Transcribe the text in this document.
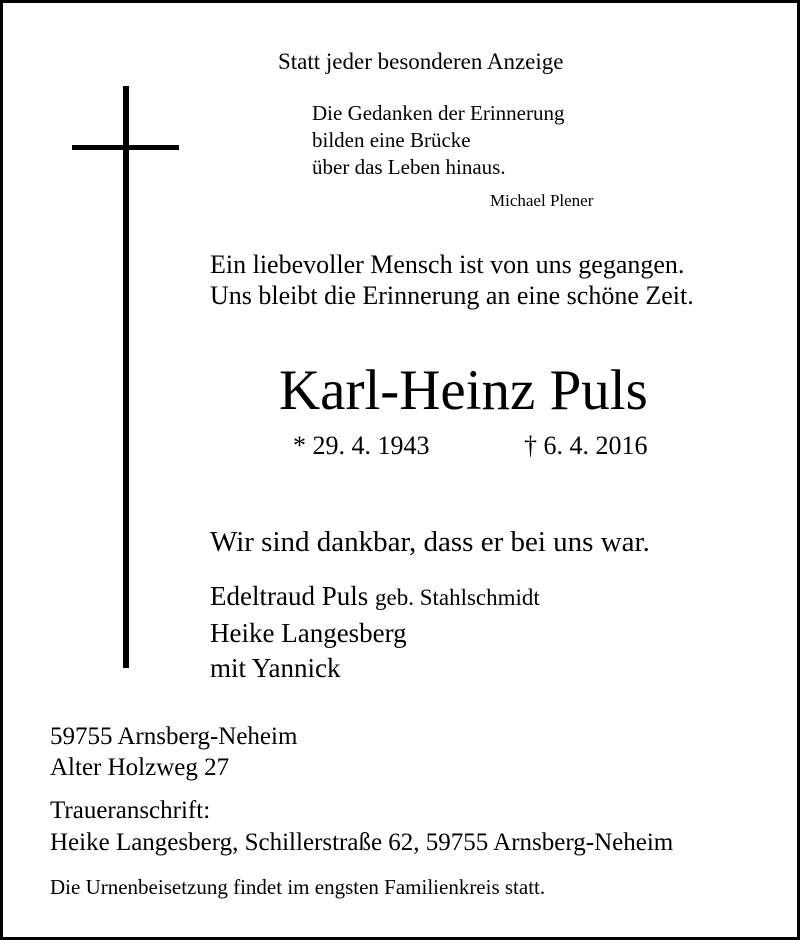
Statt jeder besonderen Anzeige
Die Gedanken der Erinnerung
bilden eine Brücke
über das Leben hinaus.
Michael Plener
Ein liebevoller Mensch ist von uns gegangen.
Uns bleibt die Erinnerung an eine schöne Zeit.
Karl-Heinz Puls
* 29. 4. 1943	† 6. 4. 2016
Wir sind dankbar, dass er bei uns war.
Edeltraud Puls geb. Stahlschmidt
Heike Langesberg
mit Yannick
59755 Arnsberg-Neheim
Alter Holzweg 27
Traueranschrift:
Heike Langesberg, Schillerstraße 62, 59755 Arnsberg-Neheim
Die Urnenbeisetzung findet im engsten Familienkreis statt.
